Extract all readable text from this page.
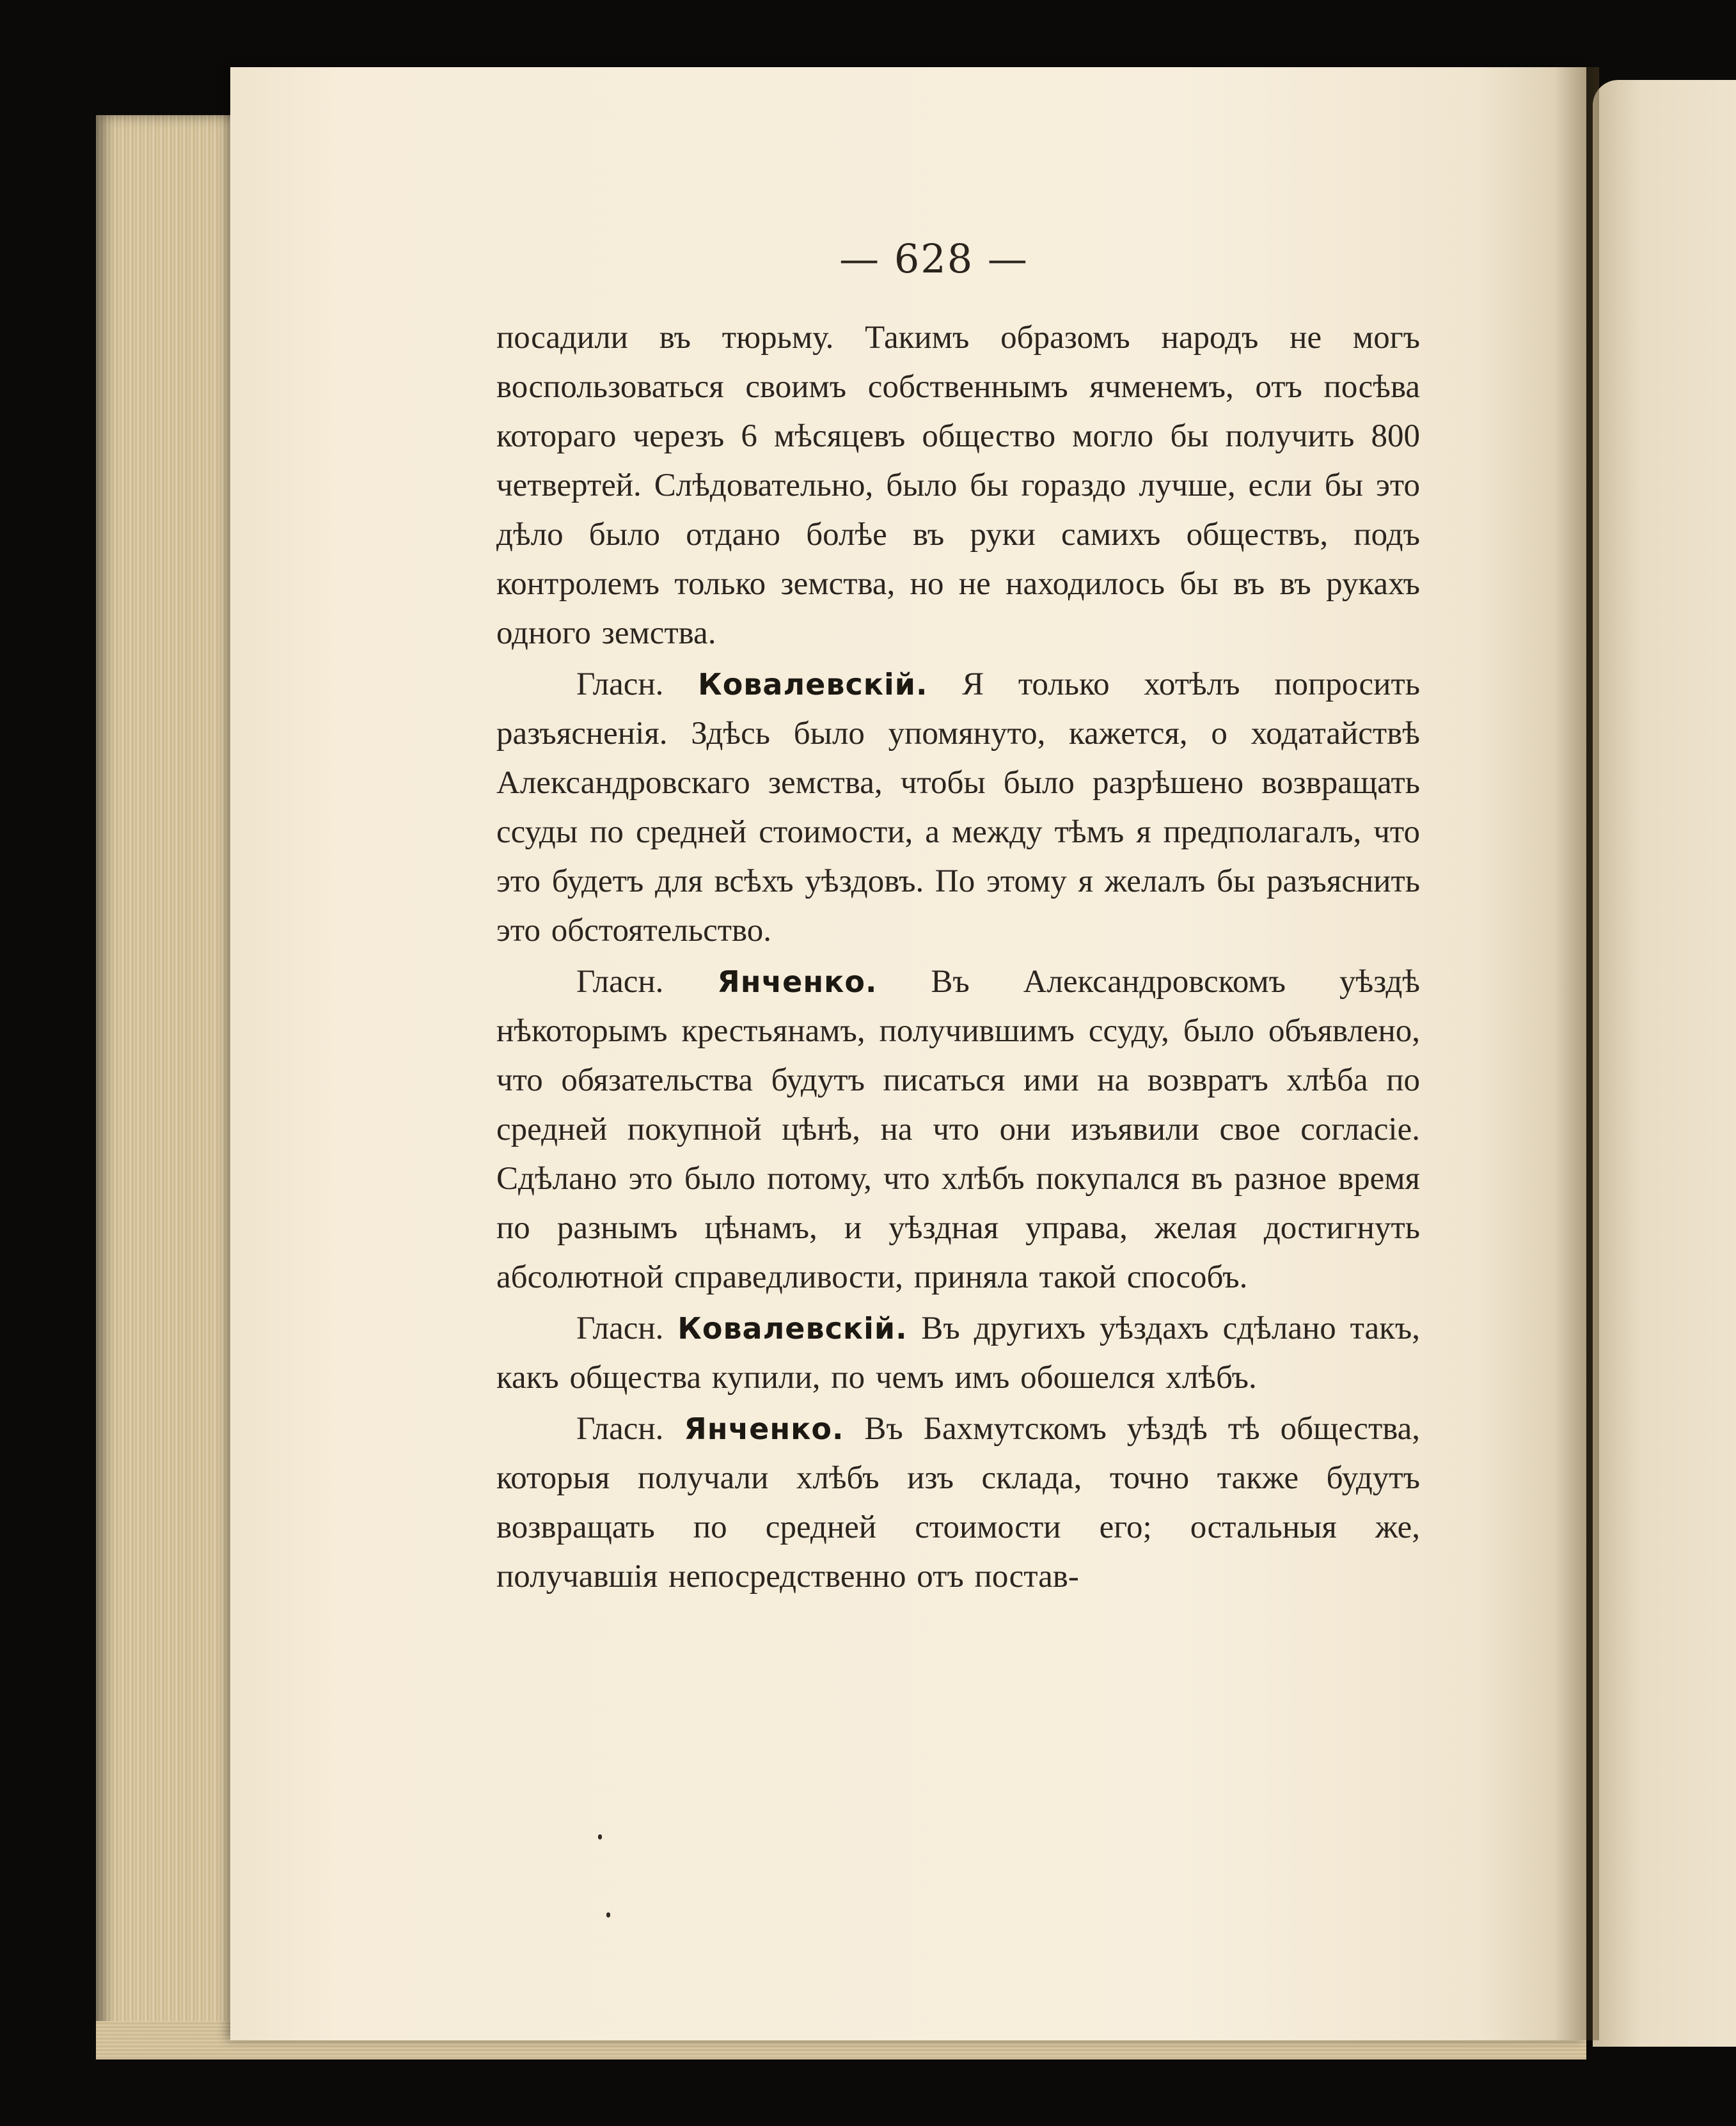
— 628 —

посадили въ тюрьму. Такимъ образомъ народъ не могъ воспользоваться своимъ собственнымъ ячменемъ, отъ посѣва котораго черезъ 6 мѣсяцевъ общество могло бы получить 800 четвертей. Слѣдовательно, было бы гораздо лучше, если бы это дѣло было отдано болѣе въ руки самихъ обществъ, подъ контролемъ только земства, но не находилось бы въ въ рукахъ одного земства.

Гласн. Ковалевскій. Я только хотѣлъ попросить разъясненія. Здѣсь было упомянуто, кажется, о ходатайствѣ Александровскаго земства, чтобы было разрѣшено возвращать ссуды по средней стоимости, а между тѣмъ я предполагалъ, что это будетъ для всѣхъ уѣздовъ. По этому я желалъ бы разъяснить это обстоятельство.

Гласн. Янченко. Въ Александровскомъ уѣздѣ нѣкоторымъ крестьянамъ, получившимъ ссуду, было объявлено, что обязательства будутъ писаться ими на возвратъ хлѣба по средней покупной цѣнѣ, на что они изъявили свое согласіе. Сдѣлано это было потому, что хлѣбъ покупался въ разное время по разнымъ цѣнамъ, и уѣздная управа, желая достигнуть абсолютной справедливости, приняла такой способъ.

Гласн. Ковалевскій. Въ другихъ уѣздахъ сдѣлано такъ, какъ общества купили, по чемъ имъ обошелся хлѣбъ.

Гласн. Янченко. Въ Бахмутскомъ уѣздѣ тѣ общества, которыя получали хлѣбъ изъ склада, точно также будутъ возвращать по средней стоимости его; остальныя же, получавшія непосредственно отъ постав-
